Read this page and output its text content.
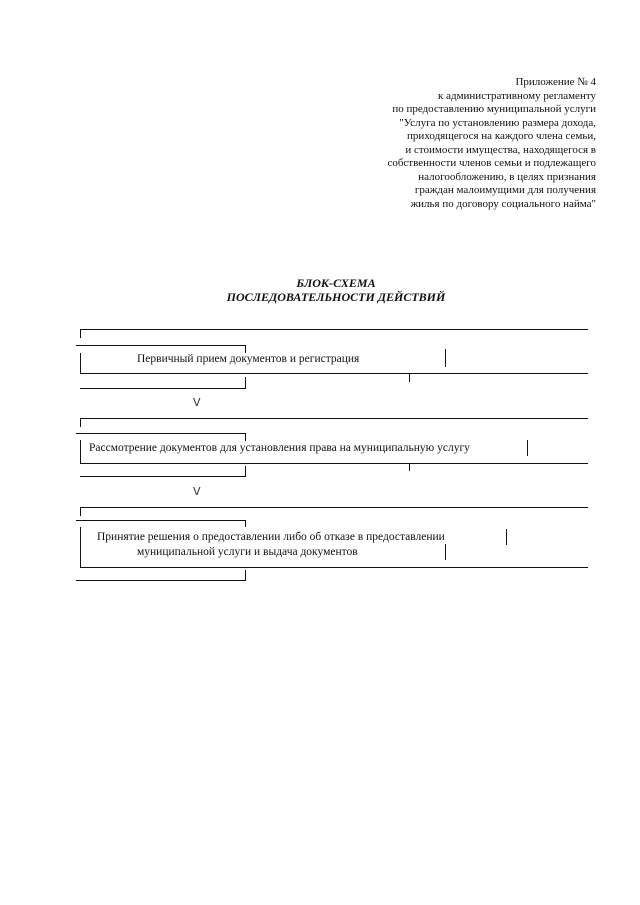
Приложение № 4
к административному регламенту
по предоставлению муниципальной услуги
"Услуга по установлению размера дохода,
приходящегося на каждого члена семьи,
и стоимости имущества, находящегося в
собственности членов семьи и подлежащего
налогообложению, в целях признания
граждан малоимущими для получения
жилья по договору социального найма"
БЛОК-СХЕМА
ПОСЛЕДОВАТЕЛЬНОСТИ ДЕЙСТВИЙ
Первичный прием документов и регистрация
V
Рассмотрение документов для установления права на муниципальную услугу
V
Принятие решения о предоставлении либо об отказе в предоставлении
муниципальной услуги и выдача документов
